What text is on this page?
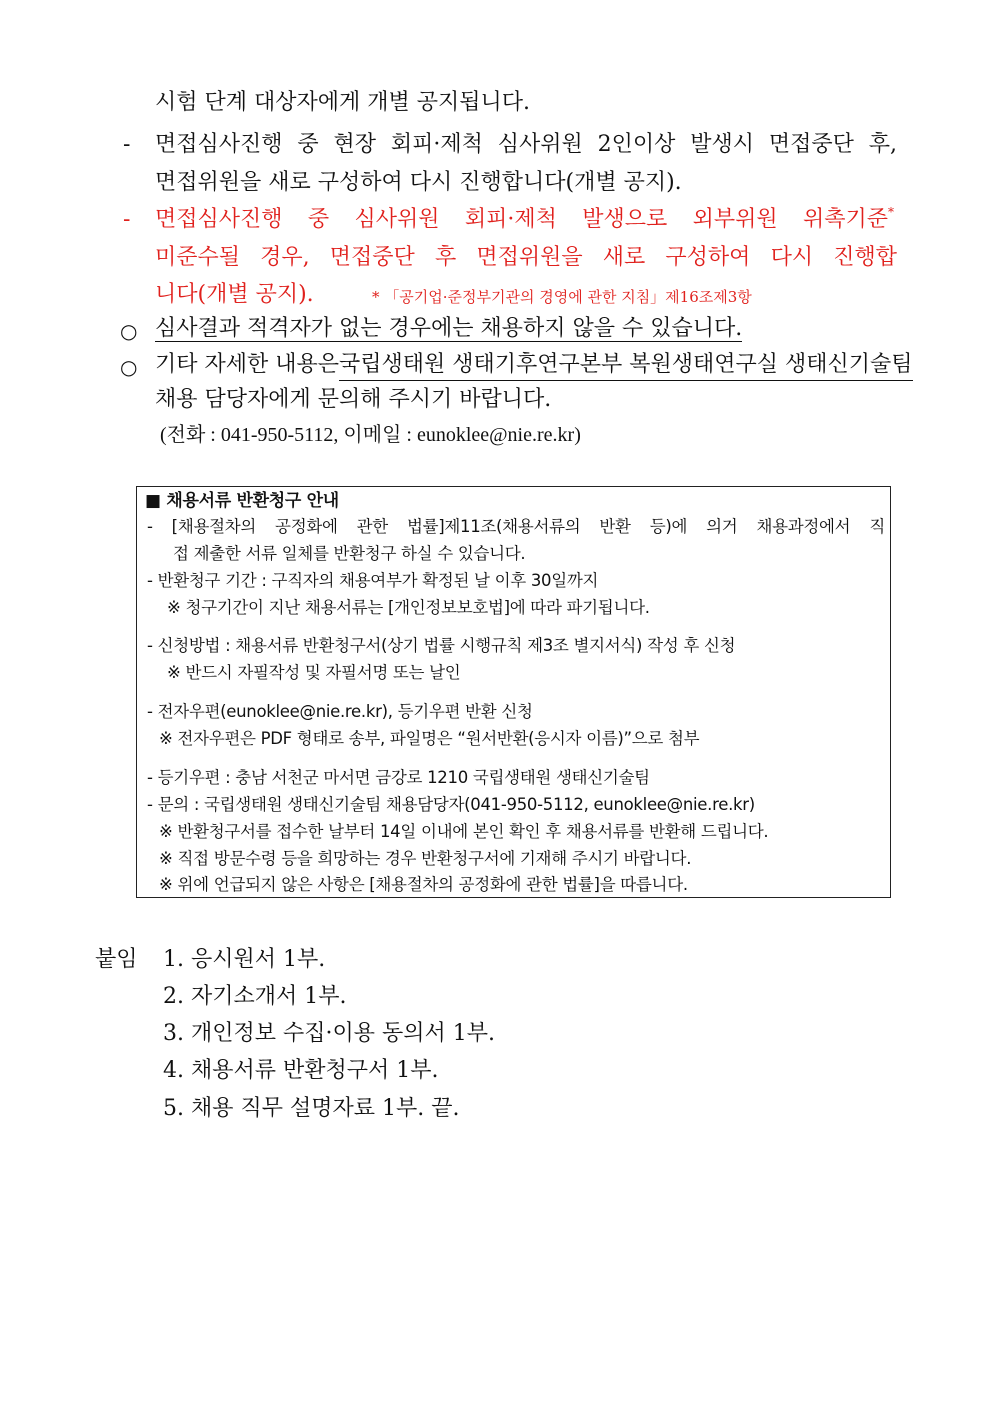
시험 단계 대상자에게 개별 공지됩니다.
- 면접심사진행 중 현장 회피·제척 심사위원 2인이상 발생시 면접중단 후,
면접위원을 새로 구성하여 다시 진행합니다(개별 공지).
- 면접심사진행 중 심사위원 회피·제척 발생으로 외부위원 위촉기준 *
미준수될 경우, 면접중단 후 면접위원을 새로 구성하여 다시 진행합
니다(개별 공지).	* 「공기업·준정부기관의 경영에 관한 지침」제16조제3항
○ 심사결과 적격자가 없는 경우에는 채용하지 않을 수 있습니다.
○ 기타 자세한 내용은 국립생태원 생태기후연구본부 복원생태연구실 생태신기술팀
채용 담당자에게 문의해 주시기 바랍니다.
(전화 : 041-950-5112, 이메일 : eunoklee@nie.re.kr)
■ 채용서류 반환청구 안내
- [채용절차의 공정화에 관한 법률]제11조(채용서류의 반환 등)에 의거 채용과정에서 직
접 제출한 서류 일체를 반환청구 하실 수 있습니다.
- 반환청구 기간 : 구직자의 채용여부가 확정된 날 이후 30일까지
※ 청구기간이 지난 채용서류는 [개인정보보호법]에 따라 파기됩니다.
- 신청방법 : 채용서류 반환청구서(상기 법률 시행규칙 제3조 별지서식) 작성 후 신청
※ 반드시 자필작성 및 자필서명 또는 날인
- 전자우편(eunoklee@nie.re.kr), 등기우편 반환 신청
※ 전자우편은 PDF 형태로 송부, 파일명은 “원서반환(응시자 이름)”으로 첨부
- 등기우편 : 충남 서천군 마서면 금강로 1210 국립생태원 생태신기술팀
- 문의 : 국립생태원 생태신기술팀 채용담당자(041-950-5112, eunoklee@nie.re.kr)
※ 반환청구서를 접수한 날부터 14일 이내에 본인 확인 후 채용서류를 반환해 드립니다.
※ 직접 방문수령 등을 희망하는 경우 반환청구서에 기재해 주시기 바랍니다.
※ 위에 언급되지 않은 사항은 [채용절차의 공정화에 관한 법률]을 따릅니다.
붙임 1. 응시원서 1부.
2. 자기소개서 1부.
3. 개인정보 수집·이용 동의서 1부.
4. 채용서류 반환청구서 1부.
5. 채용 직무 설명자료 1부. 끝.
